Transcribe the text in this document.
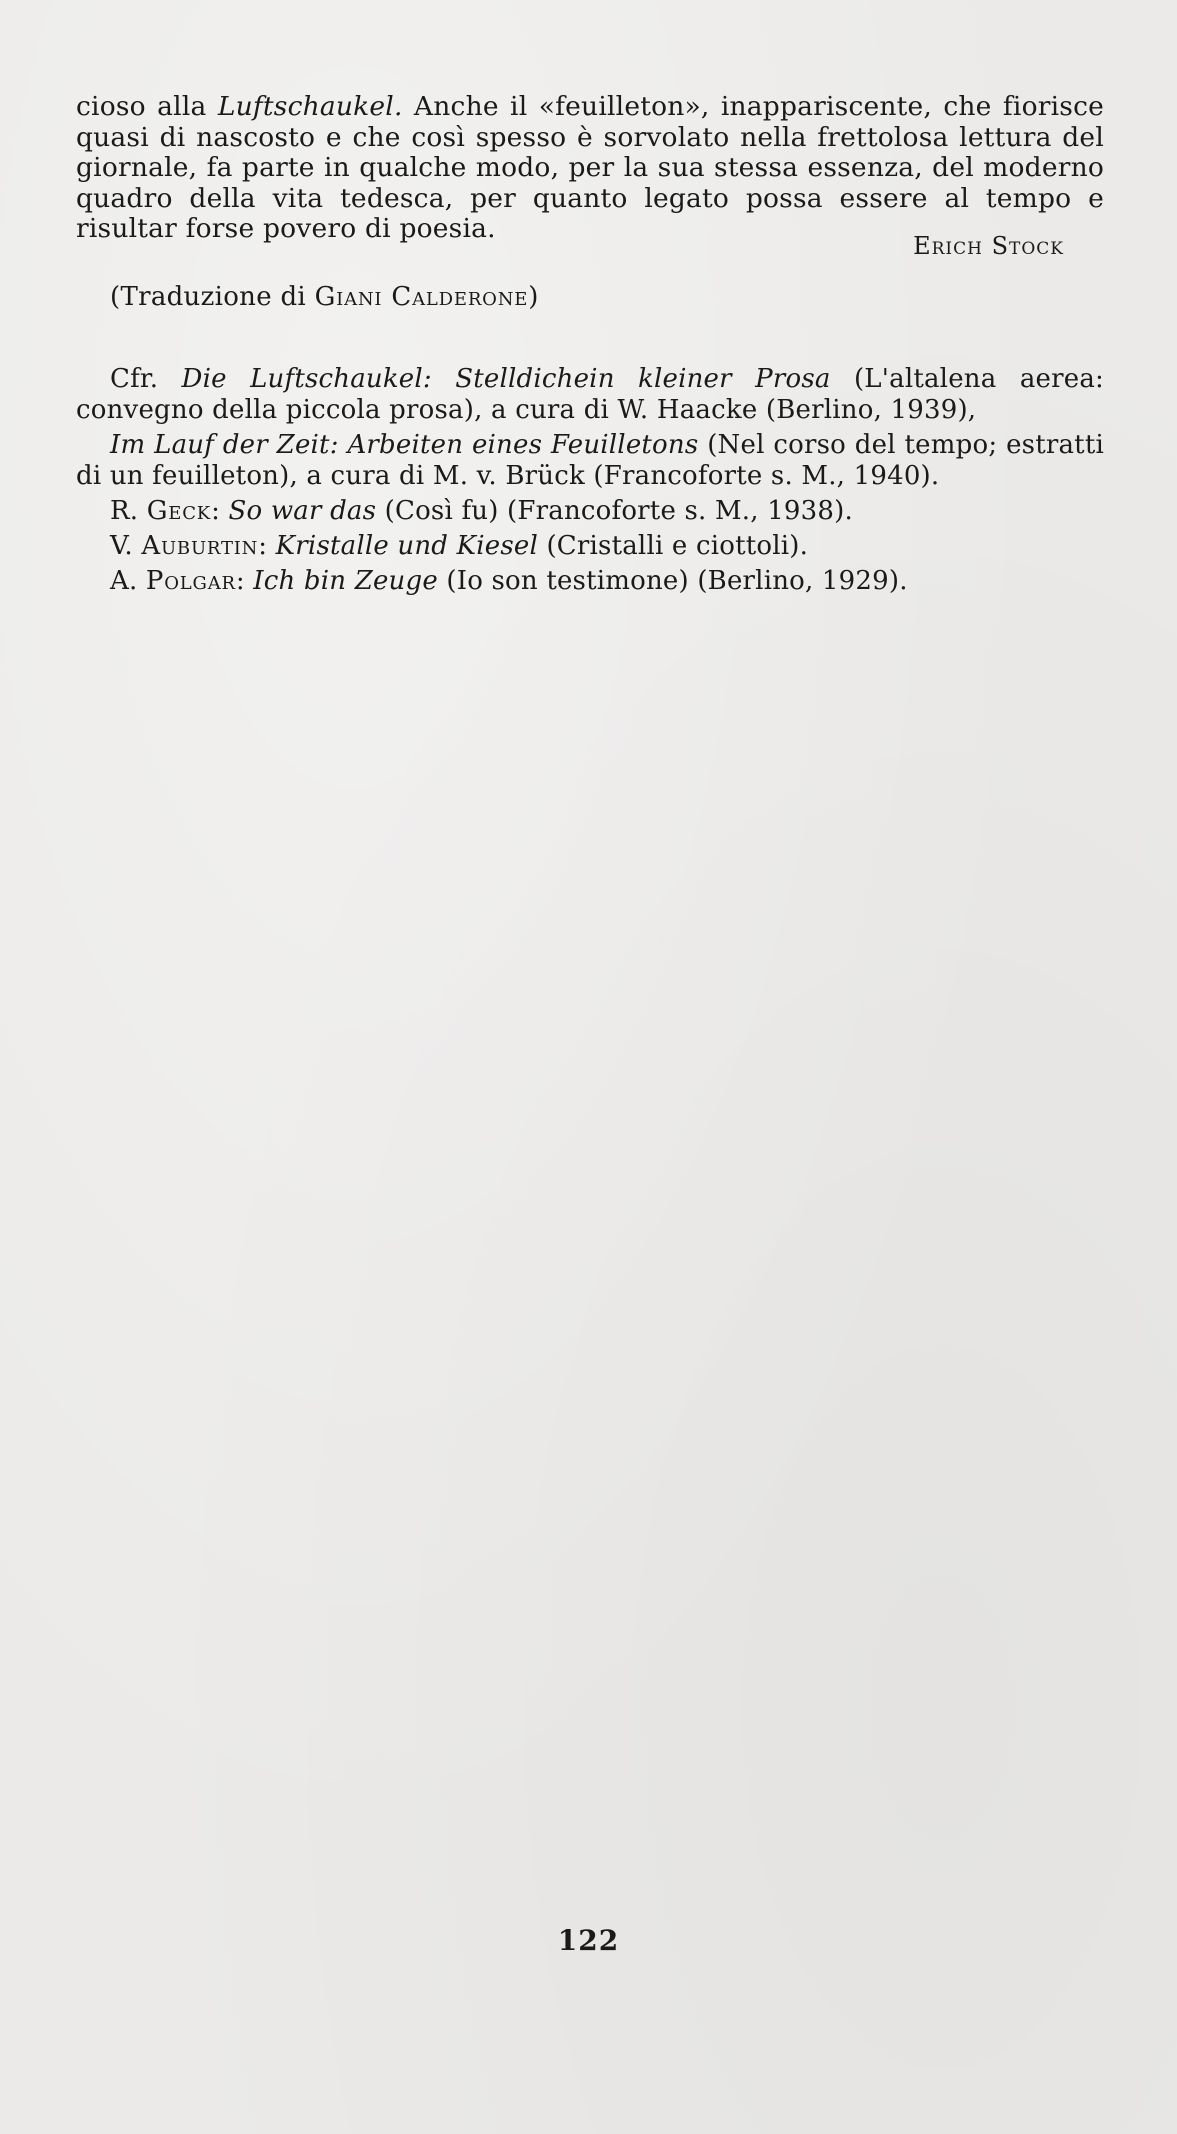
cioso alla Luftschaukel. Anche il «feuilleton», inappariscente, che fiorisce quasi di nascosto e che così spesso è sorvolato nella frettolosa lettura del giornale, fa parte in qualche modo, per la sua stessa essenza, del moderno quadro della vita tedesca, per quanto legato possa essere al tempo e risultar forse povero di poesia.

Erich Stock
(Traduzione di Giani Calderone)

Cfr. Die Luftschaukel: Stelldichein kleiner Prosa (L'altalena aerea: convegno della piccola prosa), a cura di W. Haacke (Berlino, 1939),

Im Lauf der Zeit: Arbeiten eines Feuilletons (Nel corso del tempo; estratti di un feuilleton), a cura di M. v. Brück (Francoforte s. M., 1940).

R. Geck: So war das (Così fu) (Francoforte s. M., 1938).

V. Auburtin: Kristalle und Kiesel (Cristalli e ciottoli).

A. Polgar: Ich bin Zeuge (Io son testimone) (Berlino, 1929).

122
